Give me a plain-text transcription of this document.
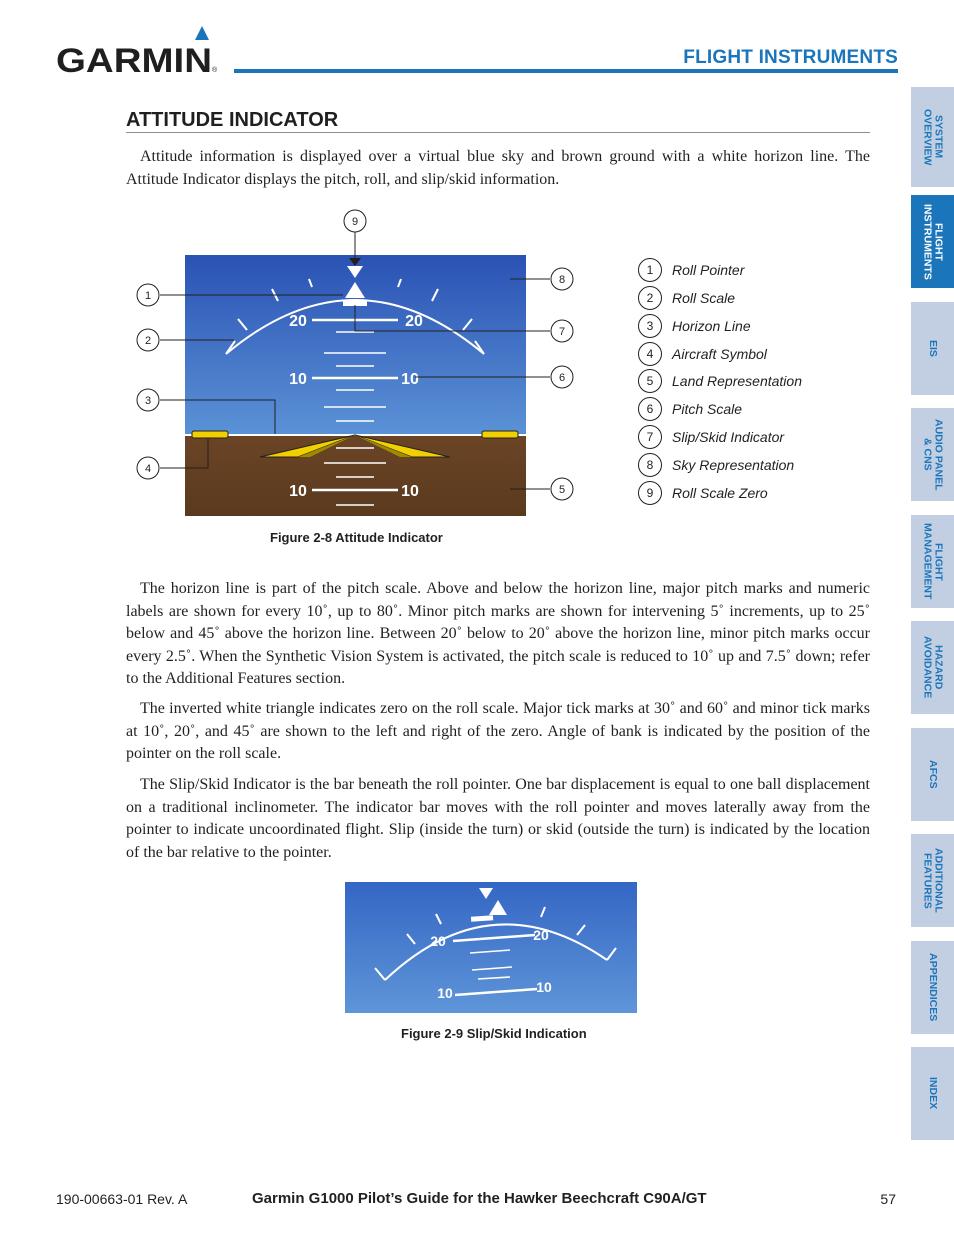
GARMIN ®
FLIGHT INSTRUMENTS
SYSTEM
OVERVIEW
FLIGHT
INSTRUMENTS
EIS
AUDIO PANEL
& CNS
FLIGHT
MANAGEMENT
HAZARD
AVOIDANCE
AFCS
ADDITIONAL
FEATURES
APPENDICES
INDEX
ATTITUDE INDICATOR

Attitude information is displayed over a virtual blue sky and brown ground with a white horizon line. The Attitude Indicator displays the pitch, roll, and slip/skid information.

20	20
10	10
10	10
1
2
3
4
5
6
7
8
9
1	Roll Pointer
2	Roll Scale
3	Horizon Line
4	Aircraft Symbol
5	Land Representation
6	Pitch Scale
7	Slip/Skid Indicator
8	Sky Representation
9	Roll Scale Zero
Figure 2-8 Attitude Indicator

The horizon line is part of the pitch scale. Above and below the horizon line, major pitch marks and numeric labels are shown for every 10˚, up to 80˚. Minor pitch marks are shown for intervening 5˚ increments, up to 25˚ below and 45˚ above the horizon line. Between 20˚ below to 20˚ above the horizon line, minor pitch marks occur every 2.5˚. When the Synthetic Vision System is activated, the pitch scale is reduced to 10˚ up and 7.5˚ down; refer to the Additional Features section.

The inverted white triangle indicates zero on the roll scale. Major tick marks at 30˚ and 60˚ and minor tick marks at 10˚, 20˚, and 45˚ are shown to the left and right of the zero. Angle of bank is indicated by the position of the pointer on the roll scale.

The Slip/Skid Indicator is the bar beneath the roll pointer. One bar displacement is equal to one ball displacement on a traditional inclinometer. The indicator bar moves with the roll pointer and moves laterally away from the pointer to indicate uncoordinated flight. Slip (inside the turn) or skid (outside the turn) is indicated by the location of the bar relative to the pointer.

20	20
10	10
Figure 2-9 Slip/Skid Indication
190-00663-01 Rev. A	Garmin G1000 Pilot’s Guide for the Hawker Beechcraft C90A/GT	57
